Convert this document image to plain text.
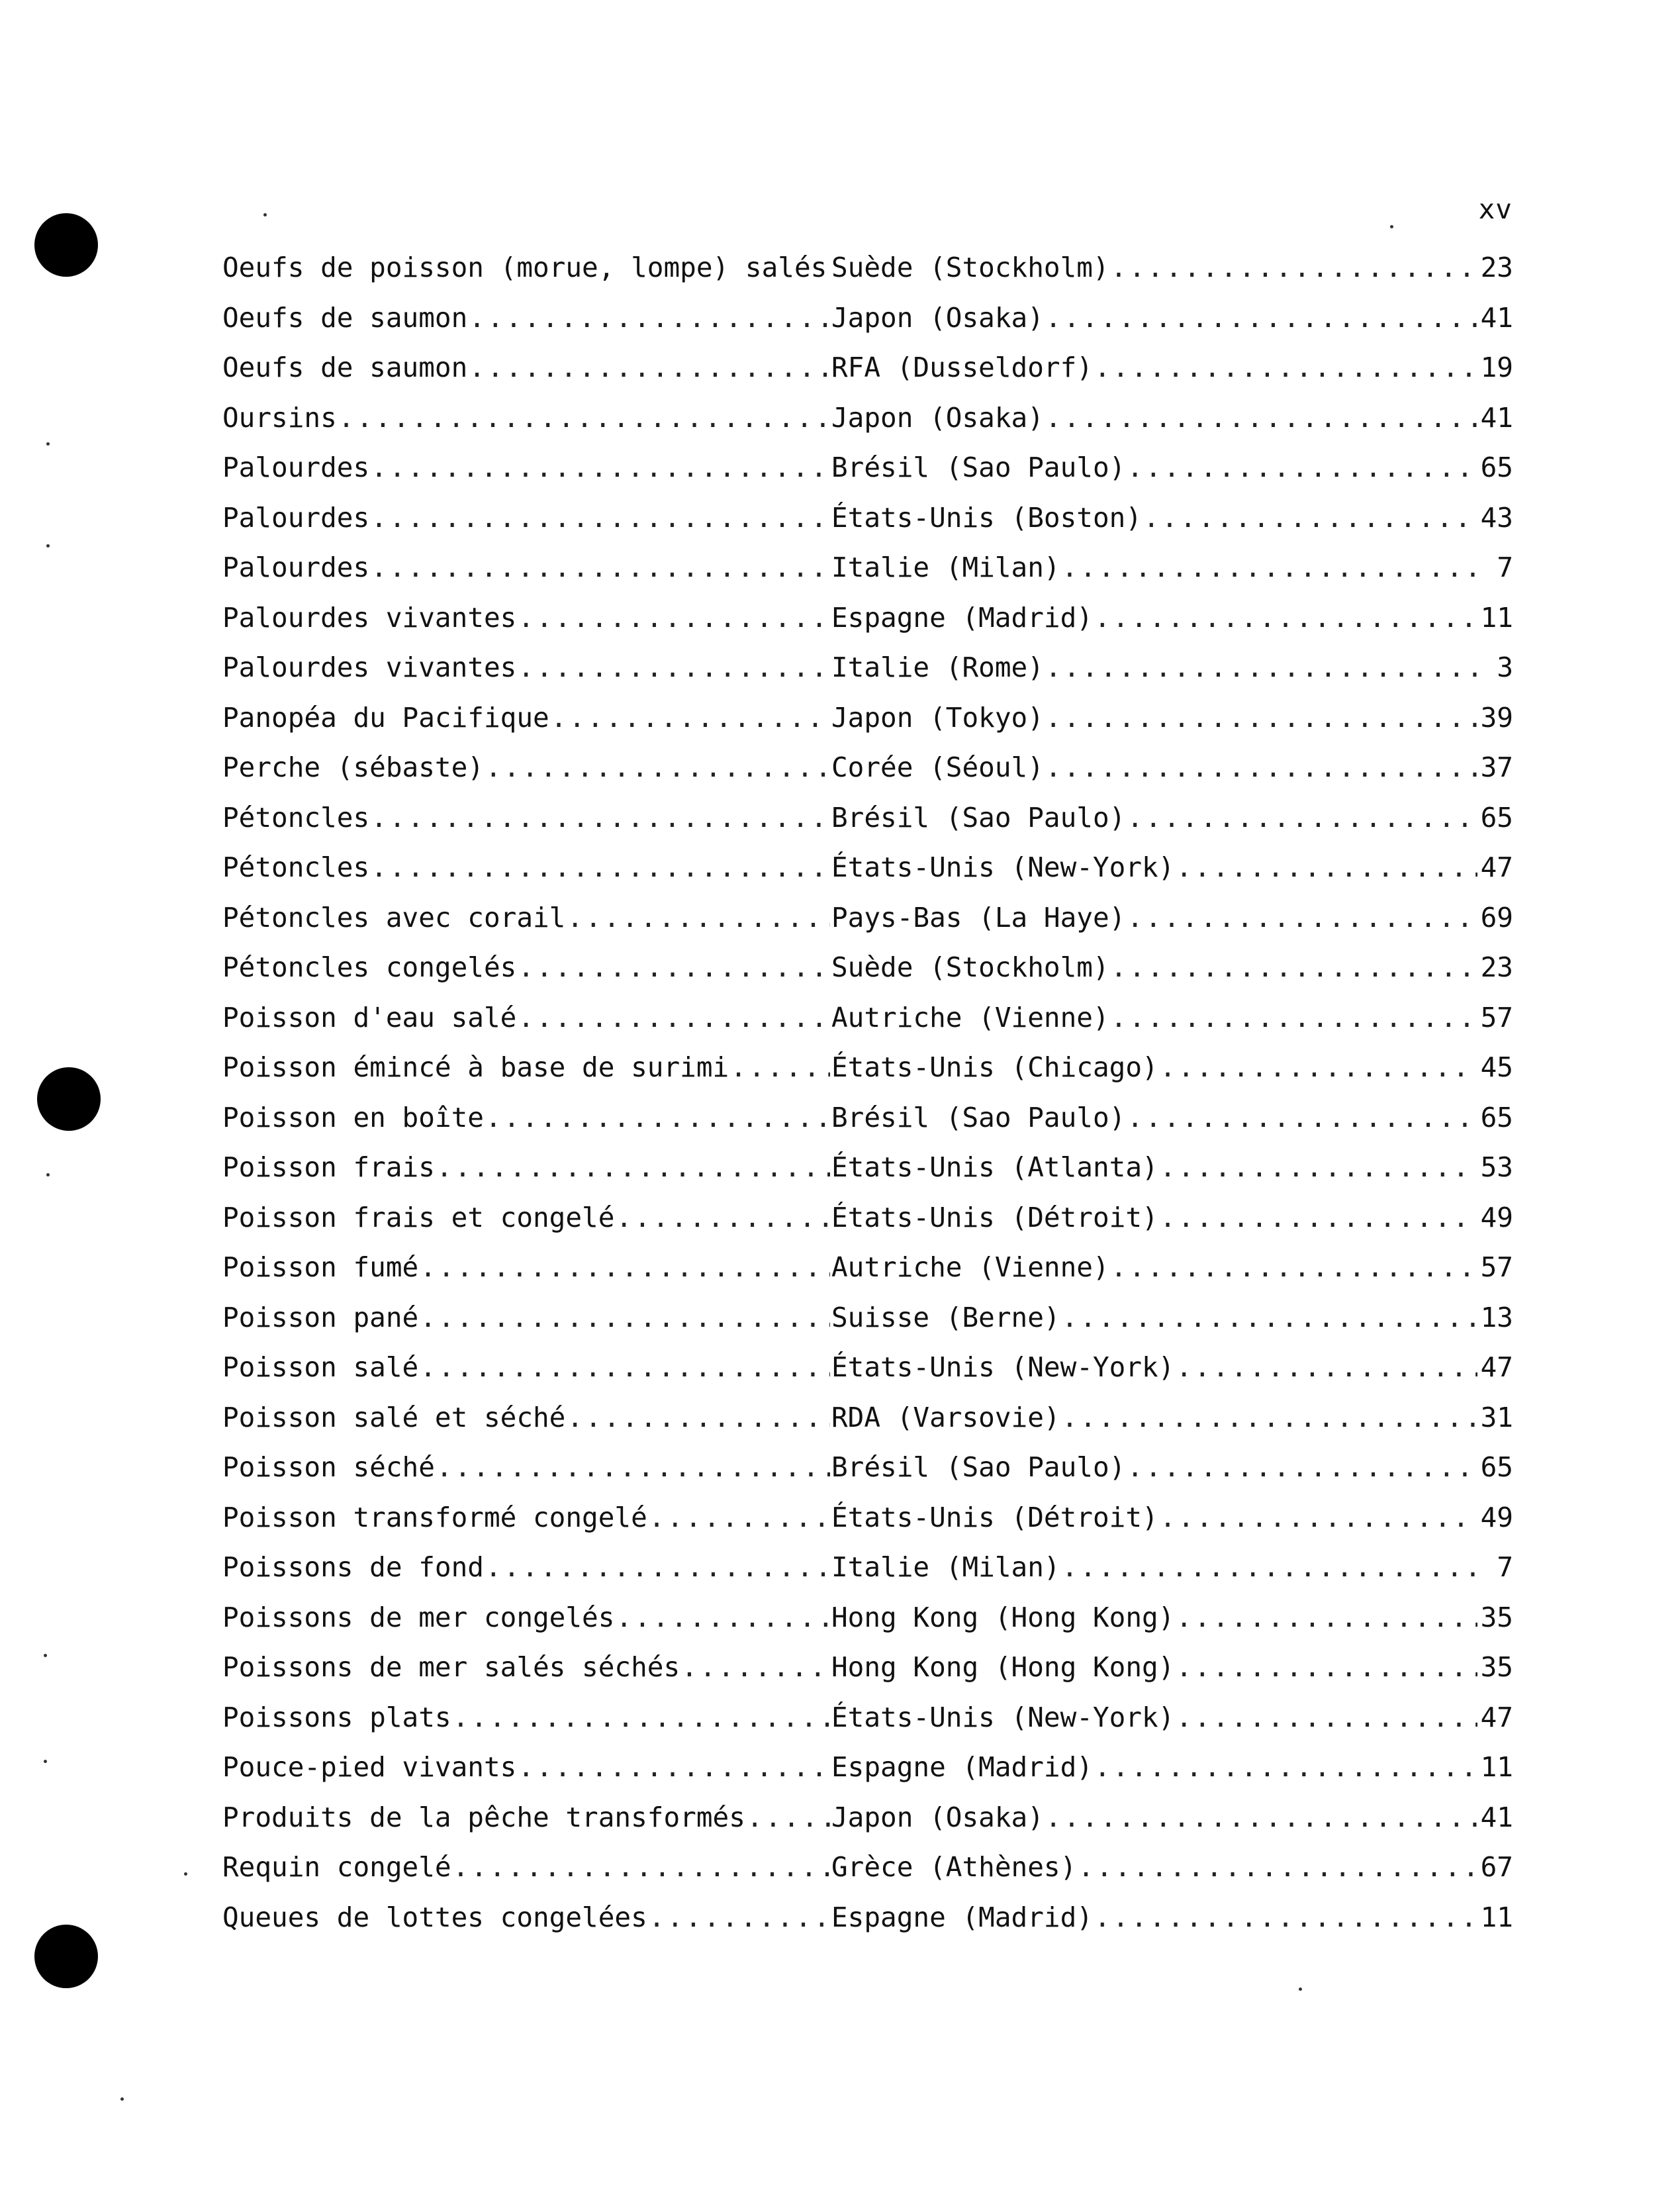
xv
Oeufs de poisson (morue, lompe) salés ..... Suède (Stockholm) .....	23
Oeufs de saumon .....	Japon (Osaka) .....	41
Oeufs de saumon .....	RFA (Dusseldorf) .....	19
Oursins .....	Japon (Osaka) .....	41
Palourdes .....	Brésil (Sao Paulo) .....	65
Palourdes .....	États-Unis (Boston) .....	43
Palourdes .....	Italie (Milan) .....	7
Palourdes vivantes .....	Espagne (Madrid) .....	11
Palourdes vivantes .....	Italie (Rome) .....	3
Panopéa du Pacifique .....	Japon (Tokyo) .....	39
Perche (sébaste) .....	Corée (Séoul) .....	37
Pétoncles .....	Brésil (Sao Paulo) .....	65
Pétoncles .....	États-Unis (New-York) .....	47
Pétoncles avec corail .....	Pays-Bas (La Haye) .....	69
Pétoncles congelés .....	Suède (Stockholm) .....	23
Poisson d'eau salé .....	Autriche (Vienne) .....	57
Poisson émincé à base de surimi .....	États-Unis (Chicago) .....	45
Poisson en boîte .....	Brésil (Sao Paulo) .....	65
Poisson frais .....	États-Unis (Atlanta) .....	53
Poisson frais et congelé .....	États-Unis (Détroit) .....	49
Poisson fumé .....	Autriche (Vienne) .....	57
Poisson pané .....	Suisse (Berne) .....	13
Poisson salé .....	États-Unis (New-York) .....	47
Poisson salé et séché .....	RDA (Varsovie) .....	31
Poisson séché .....	Brésil (Sao Paulo) .....	65
Poisson transformé congelé .....	États-Unis (Détroit) .....	49
Poissons de fond .....	Italie (Milan) .....	7
Poissons de mer congelés .....	Hong Kong (Hong Kong) .....	35
Poissons de mer salés séchés .....	Hong Kong (Hong Kong) .....	35
Poissons plats .....	États-Unis (New-York) .....	47
Pouce-pied vivants .....	Espagne (Madrid) .....	11
Produits de la pêche transformés .....	Japon (Osaka) .....	41
Requin congelé .....	Grèce (Athènes) .....	67
Queues de lottes congelées .....	Espagne (Madrid) .....	11
